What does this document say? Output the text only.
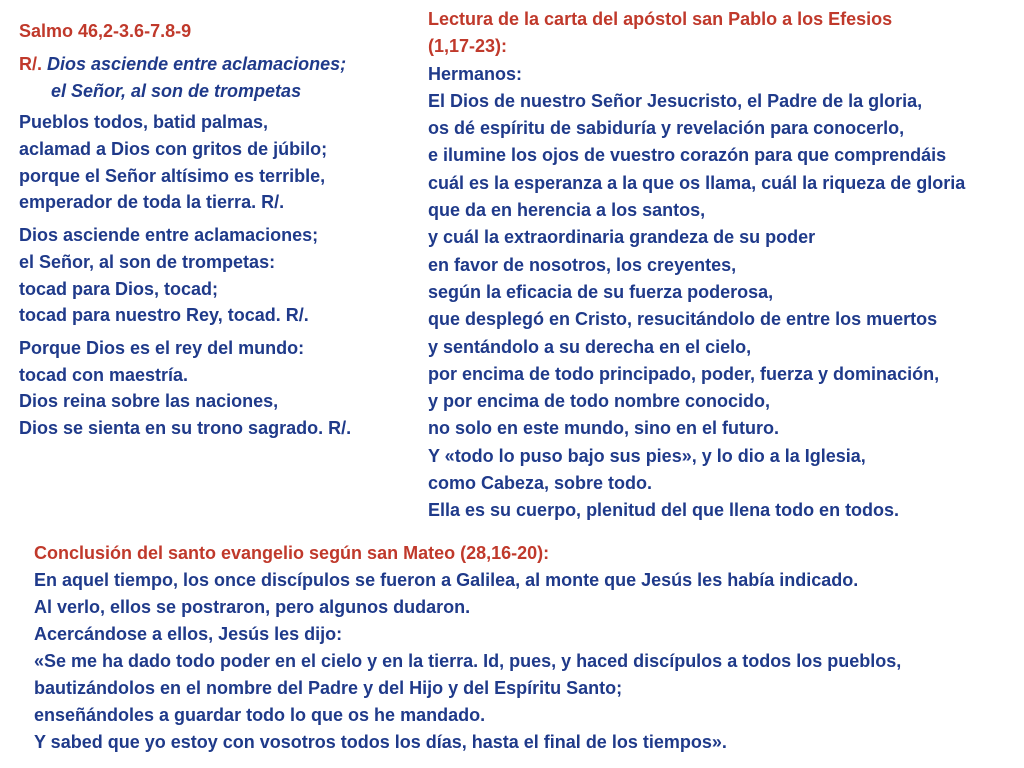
Salmo 46,2-3.6-7.8-9
R/. Dios asciende entre aclamaciones;
el Señor, al son de trompetas
Pueblos todos, batid palmas,
aclamad a Dios con gritos de júbilo;
porque el Señor altísimo es terrible,
emperador de toda la tierra. R/.
Dios asciende entre aclamaciones;
el Señor, al son de trompetas:
tocad para Dios, tocad;
tocad para nuestro Rey, tocad. R/.
Porque Dios es el rey del mundo:
tocad con maestría.
Dios reina sobre las naciones,
Dios se sienta en su trono sagrado. R/.
Lectura de la carta del apóstol san Pablo a los Efesios
(1,17-23):
Hermanos:
El Dios de nuestro Señor Jesucristo, el Padre de la gloria,
os dé espíritu de sabiduría y revelación para conocerlo,
e ilumine los ojos de vuestro corazón para que comprendáis
cuál es la esperanza a la que os llama, cuál la riqueza de gloria
que da en herencia a los santos,
y cuál la extraordinaria grandeza de su poder
en favor de nosotros, los creyentes,
según la eficacia de su fuerza poderosa,
que desplegó en Cristo, resucitándolo de entre los muertos
y sentándolo a su derecha en el cielo,
por encima de todo principado, poder, fuerza y dominación,
y por encima de todo nombre conocido,
no solo en este mundo, sino en el futuro.
Y «todo lo puso bajo sus pies», y lo dio a la Iglesia,
como Cabeza, sobre todo.
Ella es su cuerpo, plenitud del que llena todo en todos.
Conclusión del santo evangelio según san Mateo (28,16-20):
En aquel tiempo, los once discípulos se fueron a Galilea, al monte que Jesús les había indicado.
Al verlo, ellos se postraron, pero algunos dudaron.
Acercándose a ellos, Jesús les dijo:
«Se me ha dado todo poder en el cielo y en la tierra. Id, pues, y haced discípulos a todos los pueblos,
bautizándolos en el nombre del Padre y del Hijo y del Espíritu Santo;
enseñándoles a guardar todo lo que os he mandado.
Y sabed que yo estoy con vosotros todos los días, hasta el final de los tiempos».
